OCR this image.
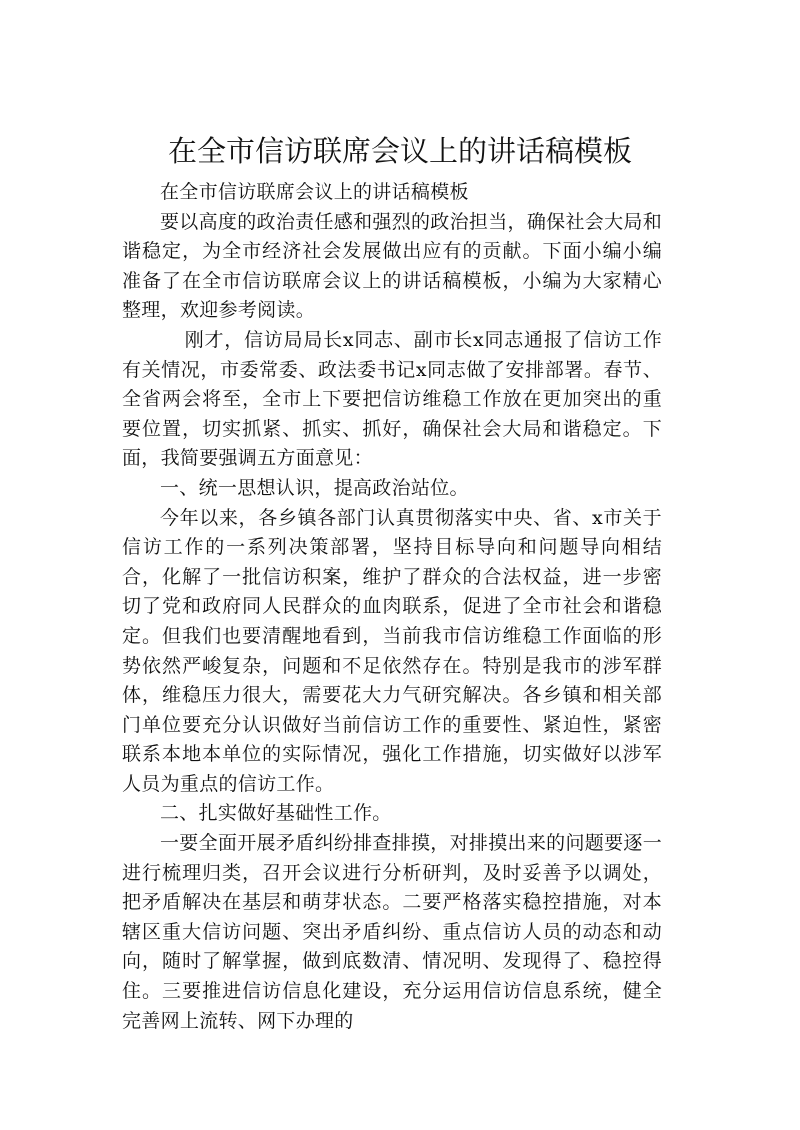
在全市信访联席会议上的讲话稿模板

在全市信访联席会议上的讲话稿模板

要以高度的政治责任感和强烈的政治担当，确保社会大局和谐稳定，为全市经济社会发展做出应有的贡献。下面小编小编准备了在全市信访联席会议上的讲话稿模板，小编为大家精心整理，欢迎参考阅读。

刚才，信访局局长x同志、副市长x同志通报了信访工作有关情况，市委常委、政法委书记x同志做了安排部署。春节、全省两会将至，全市上下要把信访维稳工作放在更加突出的重要位置，切实抓紧、抓实、抓好，确保社会大局和谐稳定。下面，我简要强调五方面意见：

一、统一思想认识，提高政治站位。

今年以来，各乡镇各部门认真贯彻落实中央、省、x市关于信访工作的一系列决策部署，坚持目标导向和问题导向相结合，化解了一批信访积案，维护了群众的合法权益，进一步密切了党和政府同人民群众的血肉联系，促进了全市社会和谐稳定。但我们也要清醒地看到，当前我市信访维稳工作面临的形势依然严峻复杂，问题和不足依然存在。特别是我市的涉军群体，维稳压力很大，需要花大力气研究解决。各乡镇和相关部门单位要充分认识做好当前信访工作的重要性、紧迫性，紧密联系本地本单位的实际情况，强化工作措施，切实做好以涉军人员为重点的信访工作。

二、扎实做好基础性工作。

一要全面开展矛盾纠纷排查排摸，对排摸出来的问题要逐一进行梳理归类，召开会议进行分析研判，及时妥善予以调处，把矛盾解决在基层和萌芽状态。二要严格落实稳控措施，对本辖区重大信访问题、突出矛盾纠纷、重点信访人员的动态和动向，随时了解掌握，做到底数清、情况明、发现得了、稳控得住。三要推进信访信息化建设，充分运用信访信息系统，健全完善网上流转、网下办理的
